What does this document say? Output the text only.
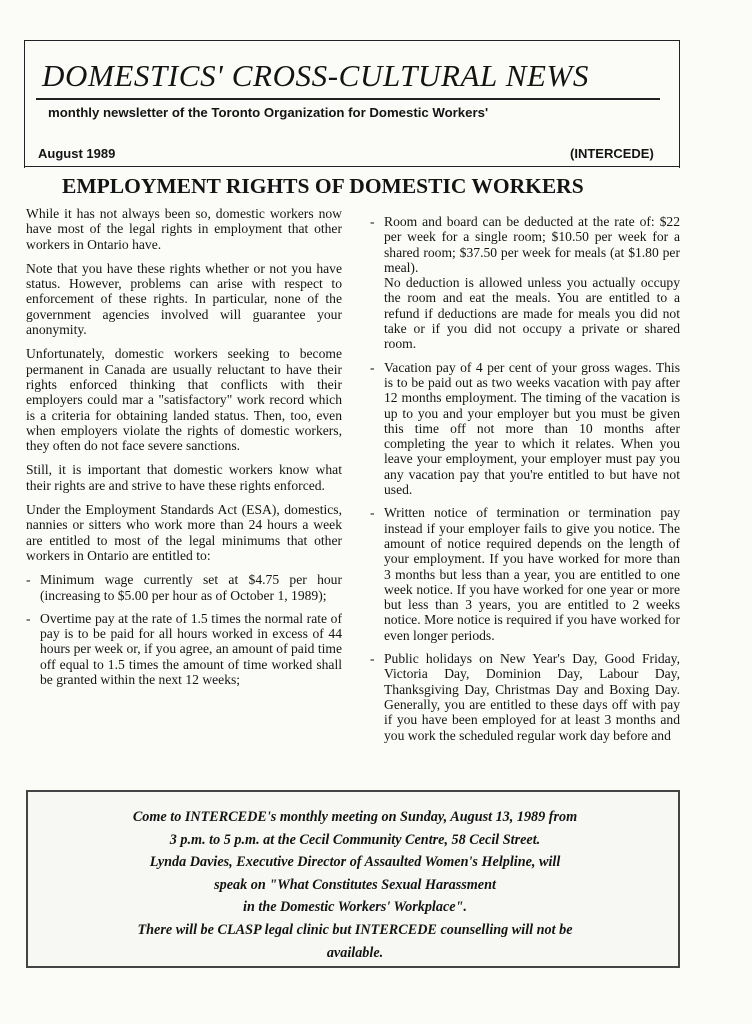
DOMESTICS' CROSS-CULTURAL NEWS
monthly newsletter of the Toronto Organization for Domestic Workers'
August 1989	(INTERCEDE)
EMPLOYMENT RIGHTS OF DOMESTIC WORKERS

While it has not always been so, domestic workers now have most of the legal rights in employment that other workers in Ontario have.

Note that you have these rights whether or not you have status. However, problems can arise with respect to enforcement of these rights. In particular, none of the government agencies involved will guarantee your anonymity.

Unfortunately, domestic workers seeking to become permanent in Canada are usually reluctant to have their rights enforced thinking that conflicts with their employers could mar a "satisfactory" work record which is a criteria for obtaining landed status. Then, too, even when employers violate the rights of domestic workers, they often do not face severe sanctions.

Still, it is important that domestic workers know what their rights are and strive to have these rights enforced.

Under the Employment Standards Act (ESA), domestics, nannies or sitters who work more than 24 hours a week are entitled to most of the legal minimums that other workers in Ontario are entitled to:

- Minimum wage currently set at $4.75 per hour (increasing to $5.00 per hour as of October 1, 1989);
- Overtime pay at the rate of 1.5 times the normal rate of pay is to be paid for all hours worked in excess of 44 hours per week or, if you agree, an amount of paid time off equal to 1.5 times the amount of time worked shall be granted within the next 12 weeks;
- Room and board can be deducted at the rate of: $22 per week for a single room; $10.50 per week for a shared room; $37.50 per week for meals (at $1.80 per meal).
No deduction is allowed unless you actually occupy the room and eat the meals. You are entitled to a refund if deductions are made for meals you did not take or if you did not occupy a private or shared room.
- Vacation pay of 4 per cent of your gross wages. This is to be paid out as two weeks vacation with pay after 12 months employment. The timing of the vacation is up to you and your employer but you must be given this time off not more than 10 months after completing the year to which it relates. When you leave your employment, your employer must pay you any vacation pay that you're entitled to but have not used.
- Written notice of termination or termination pay instead if your employer fails to give you notice. The amount of notice required depends on the length of your employment. If you have worked for more than 3 months but less than a year, you are entitled to one week notice. If you have worked for one year or more but less than 3 years, you are entitled to 2 weeks notice. More notice is required if you have worked for even longer periods.
- Public holidays on New Year's Day, Good Friday, Victoria Day, Dominion Day, Labour Day, Thanksgiving Day, Christmas Day and Boxing Day. Generally, you are entitled to these days off with pay if you have been employed for at least 3 months and you work the scheduled regular work day before and
Come to INTERCEDE's monthly meeting on Sunday, August 13, 1989 from
3 p.m. to 5 p.m. at the Cecil Community Centre, 58 Cecil Street.
Lynda Davies, Executive Director of Assaulted Women's Helpline, will
speak on "What Constitutes Sexual Harassment
in the Domestic Workers' Workplace".
There will be CLASP legal clinic but INTERCEDE counselling will not be
available.
